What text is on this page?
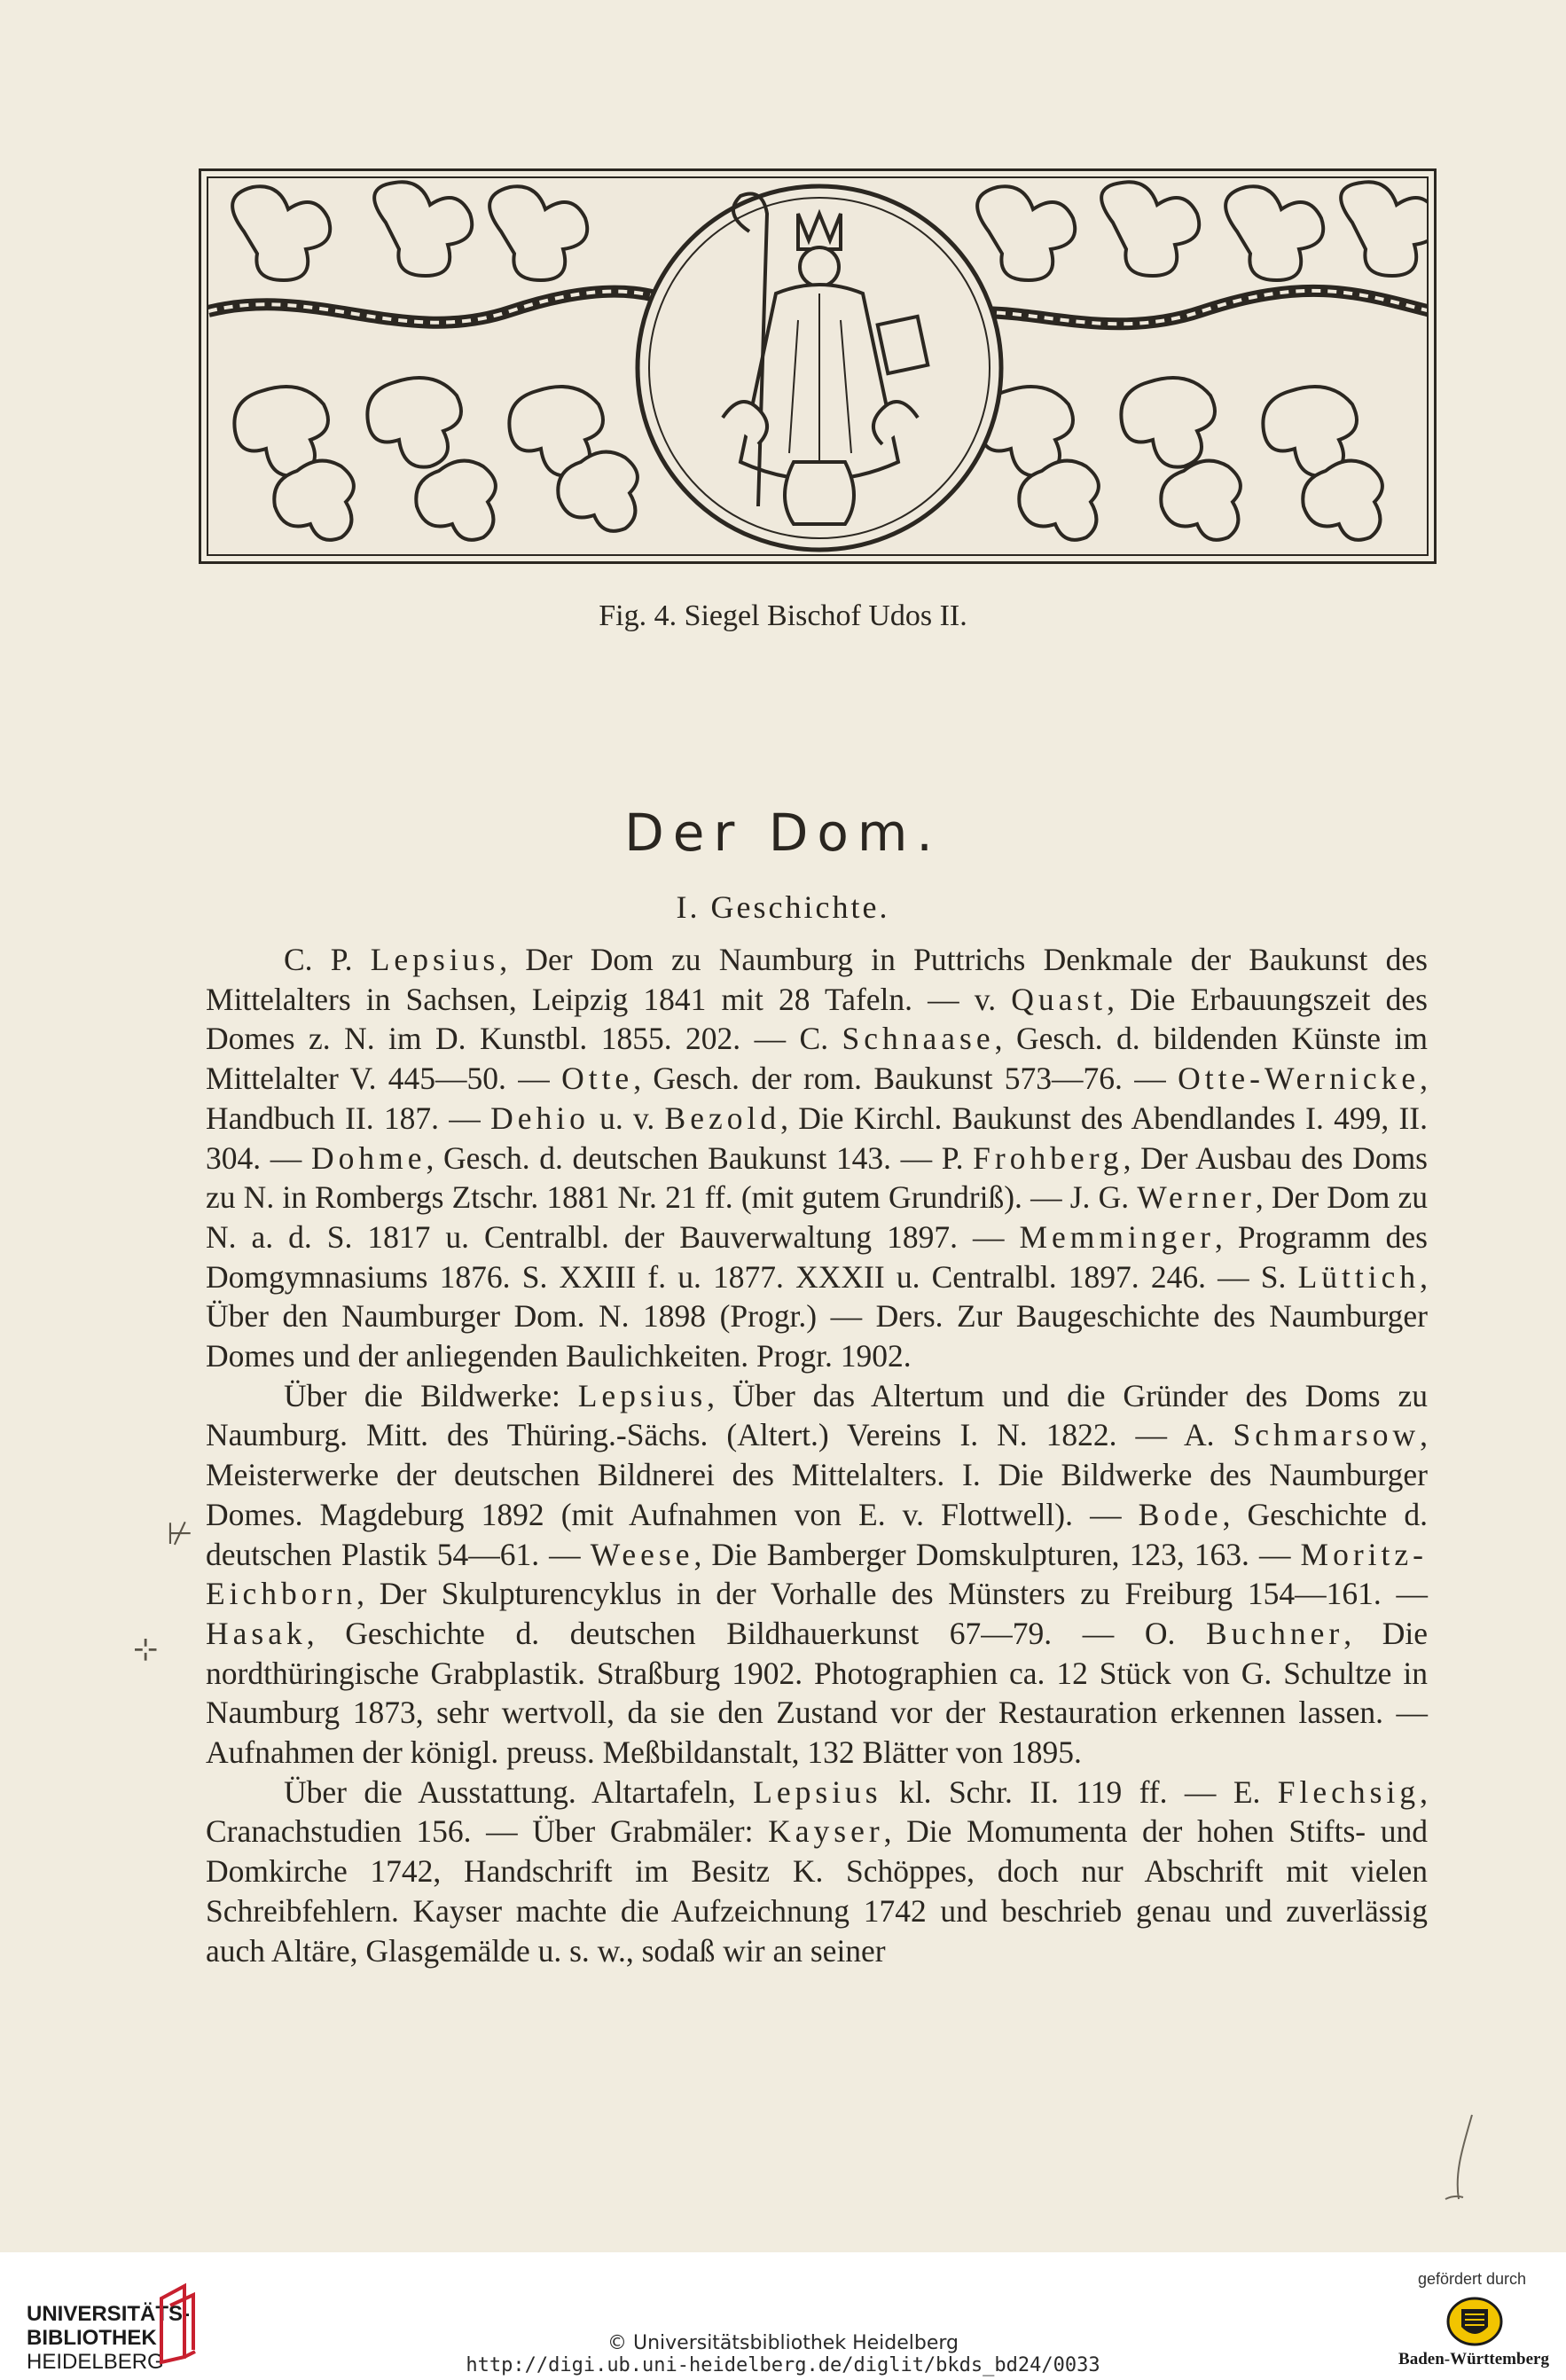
Fig. 4. Siegel Bischof Udos II.
Der Dom.
I. Geschichte.

C. P. Lepsius, Der Dom zu Naumburg in Puttrichs Denkmale der Baukunst des Mittelalters in Sachsen, Leipzig 1841 mit 28 Tafeln. — v. Quast, Die Erbauungszeit des Domes z. N. im D. Kunstbl. 1855. 202. — C. Schnaase, Gesch. d. bildenden Künste im Mittelalter V. 445—50. — Otte, Gesch. der rom. Baukunst 573—76. — Otte-Wernicke, Handbuch II. 187. — Dehio u. v. Bezold, Die Kirchl. Baukunst des Abendlandes I. 499, II. 304. — Dohme, Gesch. d. deutschen Baukunst 143. — P. Frohberg, Der Ausbau des Doms zu N. in Rombergs Ztschr. 1881 Nr. 21 ff. (mit gutem Grundriß). — J. G. Werner, Der Dom zu N. a. d. S. 1817 u. Centralbl. der Bauverwaltung 1897. — Memminger, Programm des Domgymnasiums 1876. S. XXIII f. u. 1877. XXXII u. Centralbl. 1897. 246. — S. Lüttich, Über den Naumburger Dom. N. 1898 (Progr.) — Ders. Zur Baugeschichte des Naumburger Domes und der anliegenden Baulichkeiten. Progr. 1902.

Über die Bildwerke: Lepsius, Über das Altertum und die Gründer des Doms zu Naumburg. Mitt. des Thüring.-Sächs. (Altert.) Vereins I. N. 1822. — A. Schmarsow, Meisterwerke der deutschen Bildnerei des Mittelalters. I. Die Bildwerke des Naumburger Domes. Magdeburg 1892 (mit Aufnahmen von E. v. Flottwell). — Bode, Geschichte d. deutschen Plastik 54—61. — Weese, Die Bamberger Domskulpturen, 123, 163. — Moritz-Eichborn, Der Skulpturencyklus in der Vorhalle des Münsters zu Freiburg 154—161. — Hasak, Geschichte d. deutschen Bildhauerkunst 67—79. — O. Buchner, Die nordthüringische Grabplastik. Straßburg 1902. Photographien ca. 12 Stück von G. Schultze in Naumburg 1873, sehr wertvoll, da sie den Zustand vor der Restauration erkennen lassen. — Aufnahmen der königl. preuss. Meßbildanstalt, 132 Blätter von 1895.

Über die Ausstattung. Altartafeln, Lepsius kl. Schr. II. 119 ff. — E. Flechsig, Cranachstudien 156. — Über Grabmäler: Kayser, Die Momumenta der hohen Stifts- und Domkirche 1742, Handschrift im Besitz K. Schöppes, doch nur Abschrift mit vielen Schreibfehlern. Kayser machte die Aufzeichnung 1742 und beschrieb genau und zuverlässig auch Altäre, Glasgemälde u. s. w., sodaß wir an seiner

⊬
⊹
UNIVERSITÄTS-
BIBLIOTHEK
HEIDELBERG
© Universitätsbibliothek Heidelberg
http://digi.ub.uni-heidelberg.de/diglit/bkds_bd24/0033
gefördert durch
Baden-Württemberg
